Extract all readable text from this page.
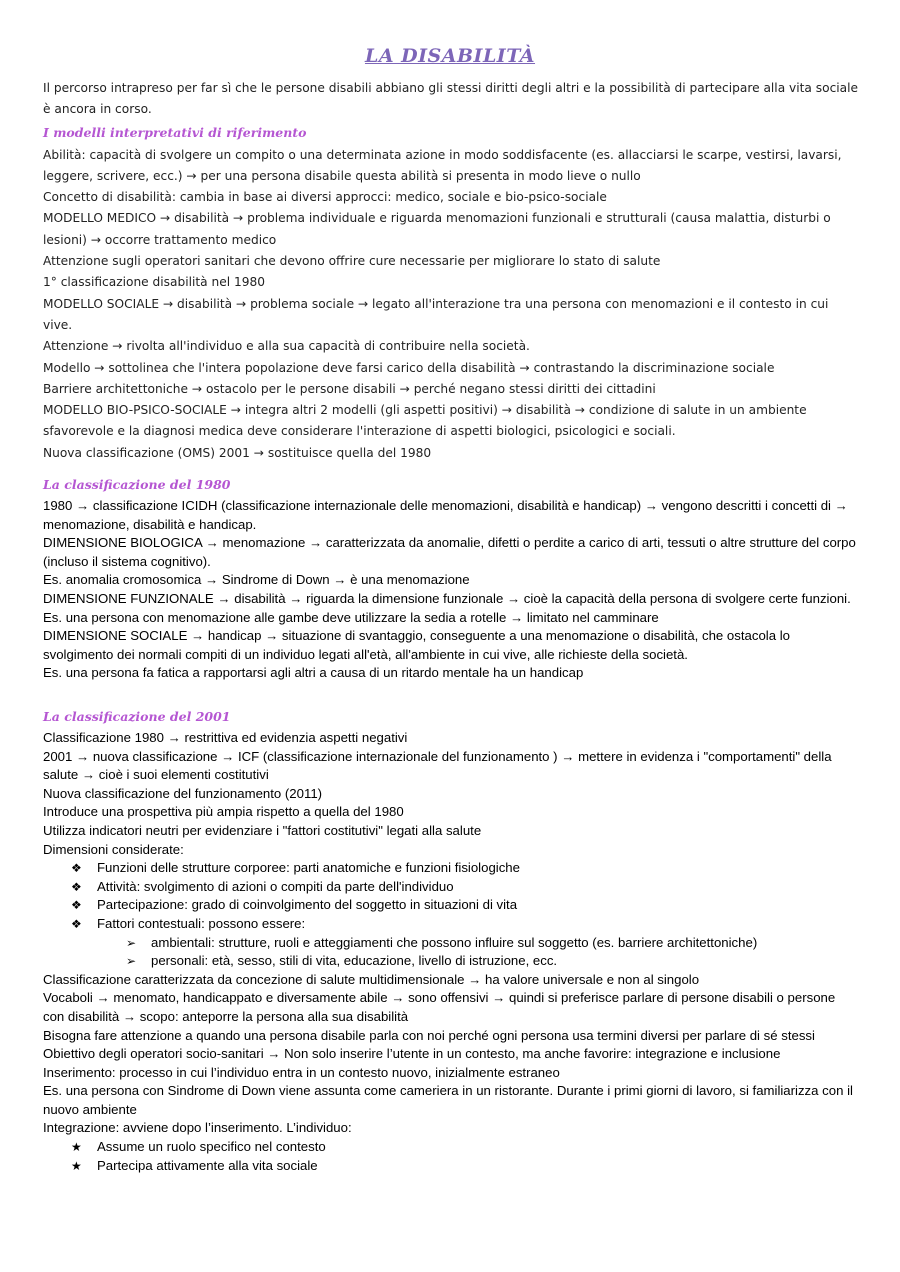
LA DISABILITÀ

Il percorso intrapreso per far sì che le persone disabili abbiano gli stessi diritti degli altri e la possibilità di partecipare alla vita sociale è ancora in corso.

I modelli interpretativi di riferimento

Abilità: capacità di svolgere un compito o una determinata azione in modo soddisfacente (es. allacciarsi le scarpe, vestirsi, lavarsi, leggere, scrivere, ecc.) → per una persona disabile questa abilità si presenta in modo lieve o nullo

Concetto di disabilità: cambia in base ai diversi approcci: medico, sociale e bio-psico-sociale

MODELLO MEDICO → disabilità → problema individuale e riguarda menomazioni funzionali e strutturali (causa malattia, disturbi o lesioni) → occorre trattamento medico

Attenzione sugli operatori sanitari che devono offrire cure necessarie per migliorare lo stato di salute

1° classificazione disabilità nel 1980

MODELLO SOCIALE → disabilità → problema sociale → legato all'interazione tra una persona con menomazioni e il contesto in cui vive.

Attenzione → rivolta all'individuo e alla sua capacità di contribuire nella società.

Modello → sottolinea che l'intera popolazione deve farsi carico della disabilità → contrastando la discriminazione sociale

Barriere architettoniche → ostacolo per le persone disabili → perché negano stessi diritti dei cittadini

MODELLO BIO-PSICO-SOCIALE → integra altri 2 modelli (gli aspetti positivi) → disabilità → condizione di salute in un ambiente sfavorevole e la diagnosi medica deve considerare l'interazione di aspetti biologici, psicologici e sociali.

Nuova classificazione (OMS) 2001 → sostituisce quella del 1980

La classificazione del 1980

1980 → classificazione ICIDH (classificazione internazionale delle menomazioni, disabilità e handicap) → vengono descritti i concetti di → menomazione, disabilità e handicap.

DIMENSIONE BIOLOGICA → menomazione → caratterizzata da anomalie, difetti o perdite a carico di arti, tessuti o altre strutture del corpo (incluso il sistema cognitivo).

Es. anomalia cromosomica → Sindrome di Down → è una menomazione

DIMENSIONE FUNZIONALE → disabilità → riguarda la dimensione funzionale → cioè la capacità della persona di svolgere certe funzioni.

Es. una persona con menomazione alle gambe deve utilizzare la sedia a rotelle → limitato nel camminare

DIMENSIONE SOCIALE → handicap → situazione di svantaggio, conseguente a una menomazione o disabilità, che ostacola lo svolgimento dei normali compiti di un individuo legati all'età, all'ambiente in cui vive, alle richieste della società.

Es. una persona fa fatica a rapportarsi agli altri a causa di un ritardo mentale ha un handicap

La classificazione del 2001

Classificazione 1980 → restrittiva ed evidenzia aspetti negativi

2001 → nuova classificazione → ICF (classificazione internazionale del funzionamento ) → mettere in evidenza i "comportamenti" della salute → cioè i suoi elementi costitutivi

Nuova classificazione del funzionamento (2011)

Introduce una prospettiva più ampia rispetto a quella del 1980

Utilizza indicatori neutri per evidenziare i "fattori costitutivi" legati alla salute

Dimensioni considerate:

❖ Funzioni delle strutture corporee: parti anatomiche e funzioni fisiologiche
❖ Attività: svolgimento di azioni o compiti da parte dell'individuo
❖ Partecipazione: grado di coinvolgimento del soggetto in situazioni di vita
❖ Fattori contestuali: possono essere:
➢ ambientali: strutture, ruoli e atteggiamenti che possono influire sul soggetto (es. barriere architettoniche)
➢ personali: età, sesso, stili di vita, educazione, livello di istruzione, ecc.

Classificazione caratterizzata da concezione di salute multidimensionale → ha valore universale e non al singolo

Vocaboli → menomato, handicappato e diversamente abile → sono offensivi → quindi si preferisce parlare di persone disabili o persone con disabilità → scopo: anteporre la persona alla sua disabilità

Bisogna fare attenzione a quando una persona disabile parla con noi perché ogni persona usa termini diversi per parlare di sé stessi

Obiettivo degli operatori socio-sanitari → Non solo inserire l’utente in un contesto, ma anche favorire: integrazione e inclusione

Inserimento: processo in cui l’individuo entra in un contesto nuovo, inizialmente estraneo

Es. una persona con Sindrome di Down viene assunta come cameriera in un ristorante. Durante i primi giorni di lavoro, si familiarizza con il nuovo ambiente

Integrazione: avviene dopo l’inserimento. L’individuo:

★ Assume un ruolo specifico nel contesto
★ Partecipa attivamente alla vita sociale
